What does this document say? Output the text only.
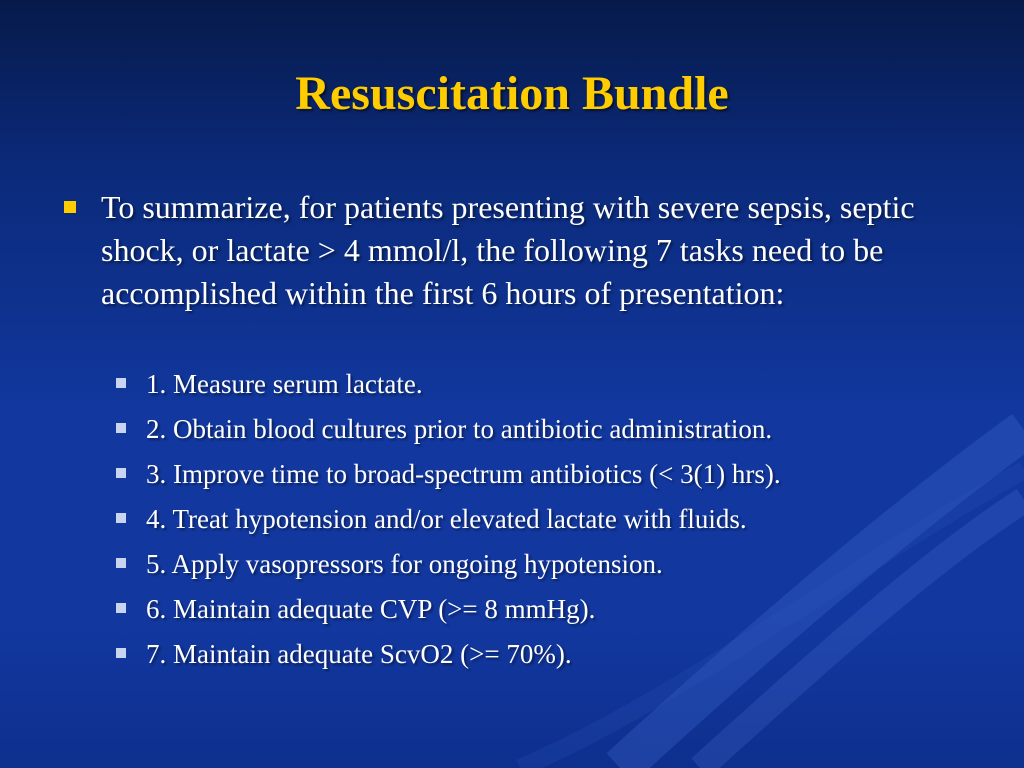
Resuscitation Bundle
To summarize, for patients presenting with severe sepsis, septic shock, or lactate > 4 mmol/l, the following 7 tasks need to be accomplished within the first 6 hours of presentation:
1. Measure serum lactate.
2. Obtain blood cultures prior to antibiotic administration.
3. Improve time to broad-spectrum antibiotics (< 3(1) hrs).
4. Treat hypotension and/or elevated lactate with fluids.
5. Apply vasopressors for ongoing hypotension.
6. Maintain adequate CVP (>= 8 mmHg).
7. Maintain adequate ScvO2 (>= 70%).
